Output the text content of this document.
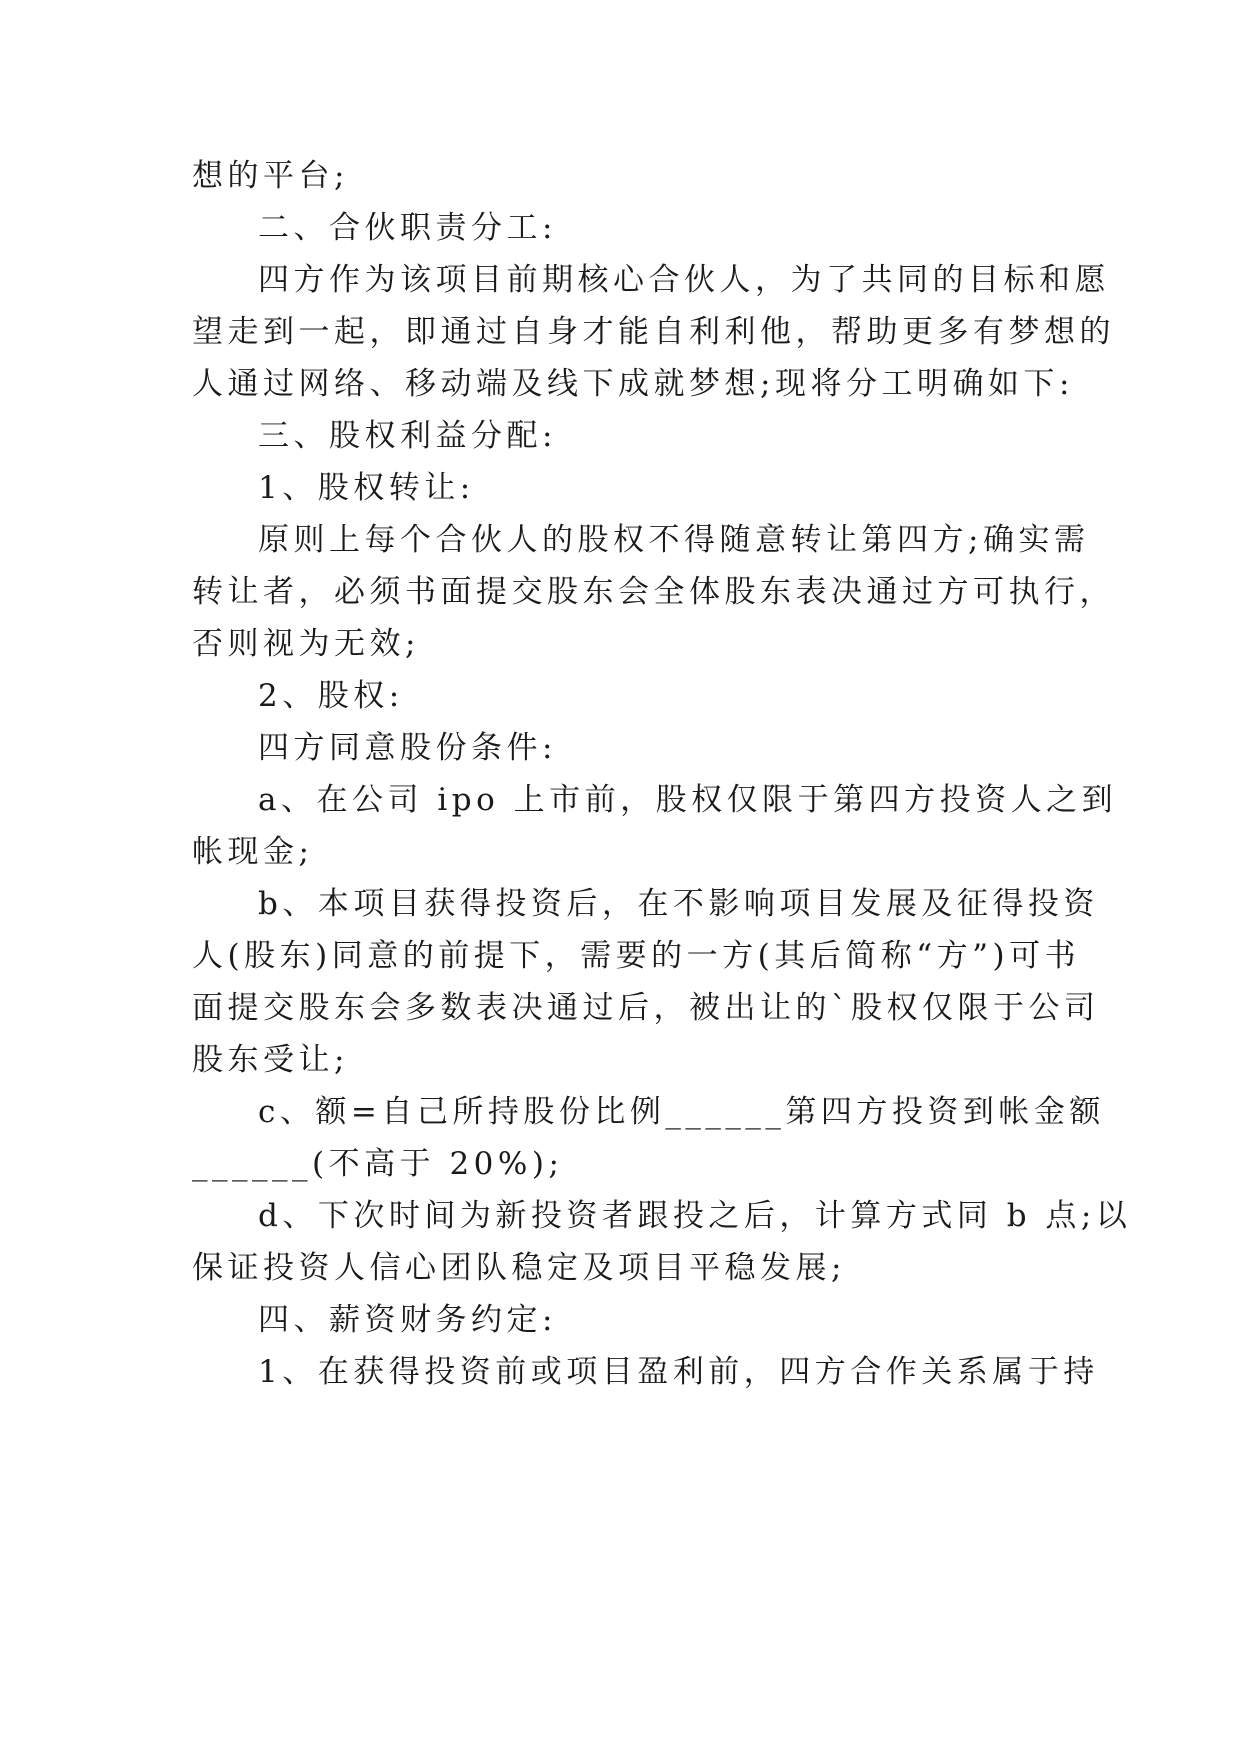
想的平台;
二、合伙职责分工:
四方作为该项目前期核心合伙人，为了共同的目标和愿
望走到一起，即通过自身才能自利利他，帮助更多有梦想的
人通过网络、移动端及线下成就梦想;现将分工明确如下:
三、股权利益分配:
1、股权转让:
原则上每个合伙人的股权不得随意转让第四方;确实需
转让者，必须书面提交股东会全体股东表决通过方可执行，
否则视为无效;
2、股权:
四方同意股份条件:
a、在公司 ipo 上市前，股权仅限于第四方投资人之到
帐现金;
b、本项目获得投资后，在不影响项目发展及征得投资
人(股东)同意的前提下，需要的一方(其后简称“方”)可书
面提交股东会多数表决通过后，被出让的`股权仅限于公司
股东受让;
c、额=自己所持股份比例______第四方投资到帐金额
______(不高于 20%);
d、下次时间为新投资者跟投之后，计算方式同 b 点;以
保证投资人信心团队稳定及项目平稳发展;
四、薪资财务约定:
1、在获得投资前或项目盈利前，四方合作关系属于持
